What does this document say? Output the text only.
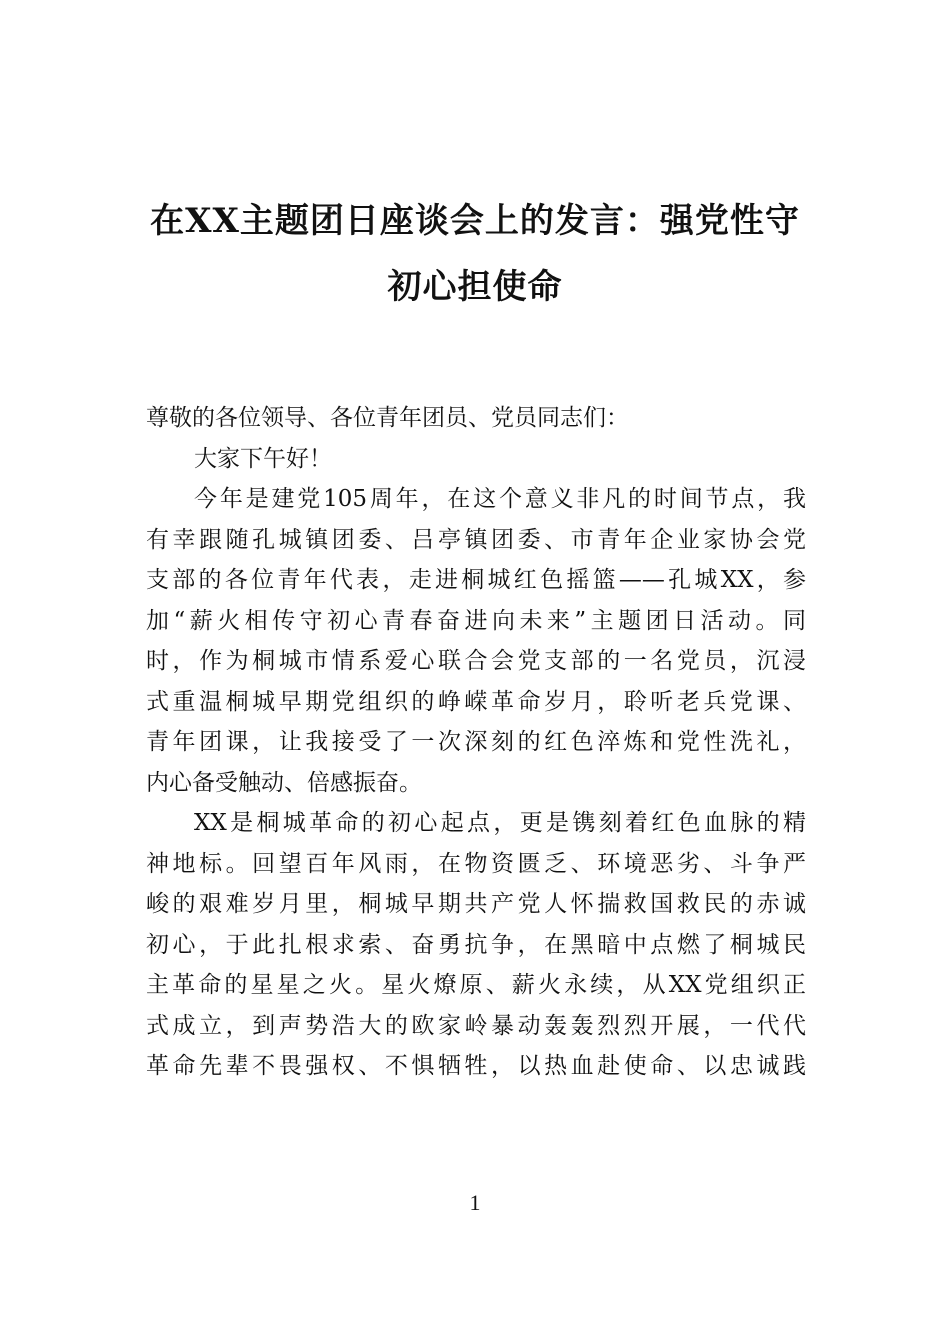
在XX主题团日座谈会上的发言：强党性守
初心担使命
尊敬的各位领导、各位青年团员、党员同志们：
大家下午好！
今年是建党105周年，在这个意义非凡的时间节点，我
有幸跟随孔城镇团委、吕亭镇团委、市青年企业家协会党
支部的各位青年代表，走进桐城红色摇篮——孔城XX，参
加“薪火相传守初心青春奋进向未来”主题团日活动。同
时，作为桐城市情系爱心联合会党支部的一名党员，沉浸
式重温桐城早期党组织的峥嵘革命岁月，聆听老兵党课、
青年团课，让我接受了一次深刻的红色淬炼和党性洗礼，
内心备受触动、倍感振奋。
XX是桐城革命的初心起点，更是镌刻着红色血脉的精
神地标。回望百年风雨，在物资匮乏、环境恶劣、斗争严
峻的艰难岁月里，桐城早期共产党人怀揣救国救民的赤诚
初心，于此扎根求索、奋勇抗争，在黑暗中点燃了桐城民
主革命的星星之火。星火燎原、薪火永续，从XX党组织正
式成立，到声势浩大的欧家岭暴动轰轰烈烈开展，一代代
革命先辈不畏强权、不惧牺牲，以热血赴使命、以忠诚践
1
